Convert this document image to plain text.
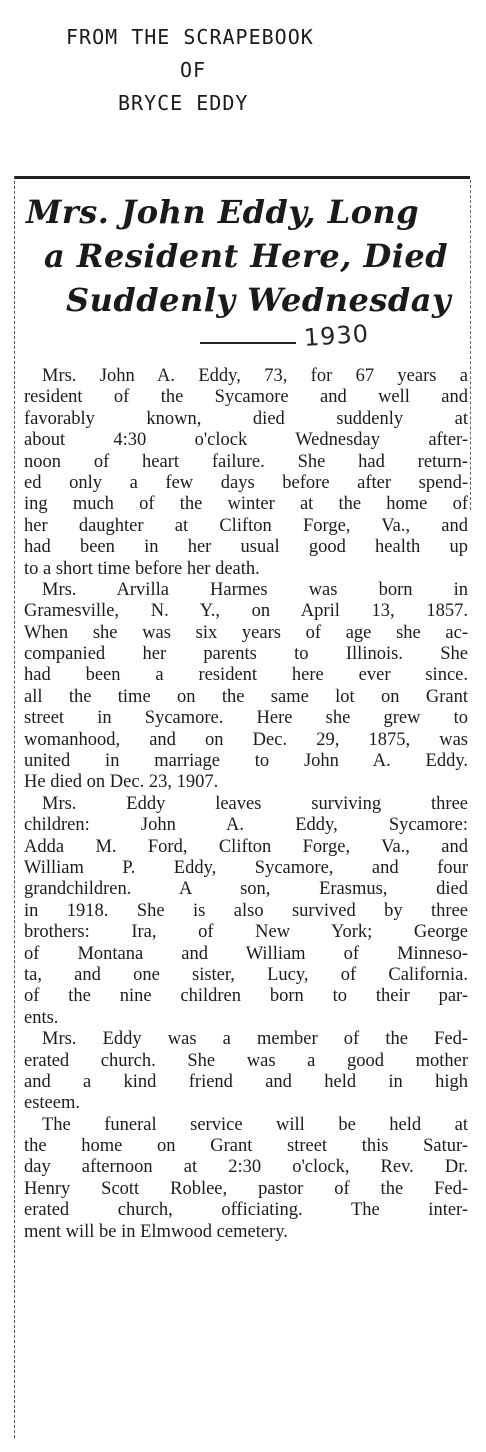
FROM THE SCRAPEBOOK
OF
BRYCE EDDY
Mrs. John Eddy, Long
a Resident Here, Died
Suddenly Wednesday
1930
Mrs. John A. Eddy, 73, for 67 years a
resident of the Sycamore and well and
favorably known, died suddenly at
about 4:30 o'clock Wednesday after-
noon of heart failure. She had return-
ed only a few days before after spend-
ing much of the winter at the home of
her daughter at Clifton Forge, Va., and
had been in her usual good health up
to a short time before her death.
Mrs. Arvilla Harmes was born in
Gramesville, N. Y., on April 13, 1857.
When she was six years of age she ac-
companied her parents to Illinois. She
had been a resident here ever since.
all the time on the same lot on Grant
street in Sycamore. Here she grew to
womanhood, and on Dec. 29, 1875, was
united in marriage to John A. Eddy.
He died on Dec. 23, 1907.
Mrs. Eddy leaves surviving three
children: John A. Eddy, Sycamore:
Adda M. Ford, Clifton Forge, Va., and
William P. Eddy, Sycamore, and four
grandchildren. A son, Erasmus, died
in 1918. She is also survived by three
brothers: Ira, of New York; George
of Montana and William of Minneso-
ta, and one sister, Lucy, of California.
of the nine children born to their par-
ents.
Mrs. Eddy was a member of the Fed-
erated church. She was a good mother
and a kind friend and held in high
esteem.
The funeral service will be held at
the home on Grant street this Satur-
day afternoon at 2:30 o'clock, Rev. Dr.
Henry Scott Roblee, pastor of the Fed-
erated church, officiating. The inter-
ment will be in Elmwood cemetery.
